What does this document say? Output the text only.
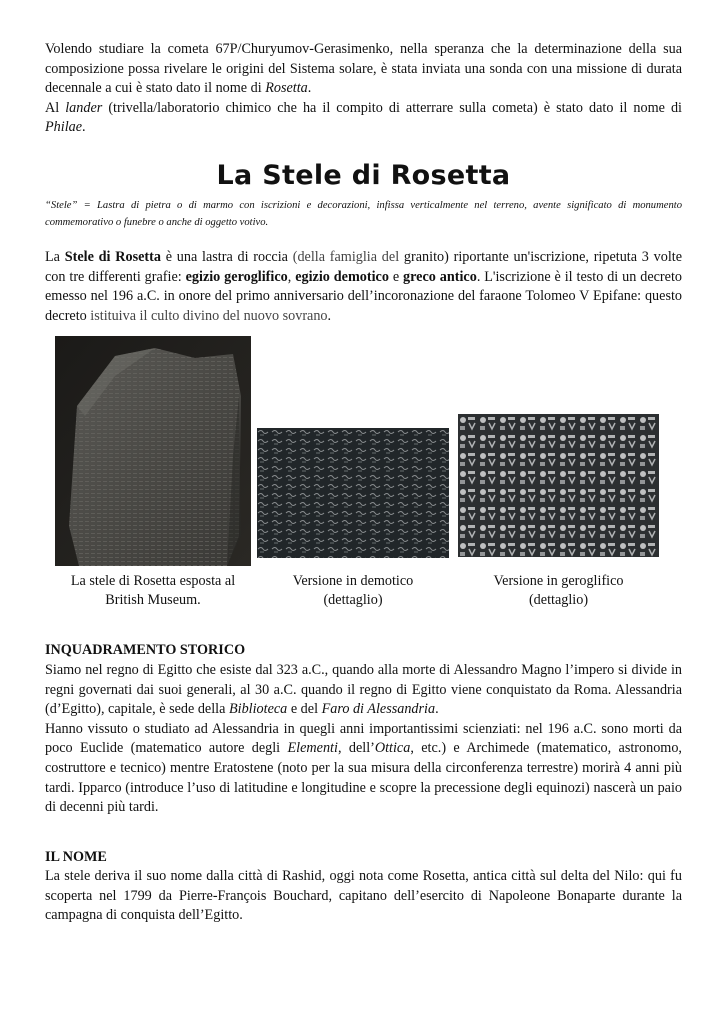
Volendo studiare la cometa 67P/Churyumov-Gerasimenko, nella speranza che la determinazione della sua composizione possa rivelare le origini del Sistema solare, è stata inviata una sonda con una missione di durata decennale a cui è stato dato il nome di Rosetta.

Al lander (trivella/laboratorio chimico che ha il compito di atterrare sulla cometa) è stato dato il nome di Philae.

La Stele di Rosetta

“Stele” = Lastra di pietra o di marmo con iscrizioni e decorazioni, infissa verticalmente nel terreno, avente significato di monumento commemorativo o funebre o anche di oggetto votivo.

La Stele di Rosetta è una lastra di roccia (della famiglia del granito) riportante un'iscrizione, ripetuta 3 volte con tre differenti grafie: egizio geroglifico, egizio demotico e greco antico. L'iscrizione è il testo di un decreto emesso nel 196 a.C. in onore del primo anniversario dell’incoronazione del faraone Tolomeo V Epifane: questo decreto istituiva il culto divino del nuovo sovrano.

La stele di Rosetta esposta al
British Museum.
Versione in demotico
(dettaglio)
Versione in geroglifico
(dettaglio)
INQUADRAMENTO STORICO

Siamo nel regno di Egitto che esiste dal 323 a.C., quando alla morte di Alessandro Magno l’impero si divide in regni governati dai suoi generali, al 30 a.C. quando il regno di Egitto viene conquistato da Roma. Alessandria (d’Egitto), capitale, è sede della Biblioteca e del Faro di Alessandria.

Hanno vissuto o studiato ad Alessandria in quegli anni importantissimi scienziati: nel 196 a.C. sono morti da poco Euclide (matematico autore degli Elementi, dell’Ottica, etc.) e Archimede (matematico, astronomo, costruttore e tecnico) mentre Eratostene (noto per la sua misura della circonferenza terrestre) morirà 4 anni più tardi. Ipparco (introduce l’uso di latitudine e longitudine e scopre la precessione degli equinozi) nascerà un paio di decenni più tardi.

IL NOME

La stele deriva il suo nome dalla città di Rashid, oggi nota come Rosetta, antica città sul delta del Nilo: qui fu scoperta nel 1799 da Pierre-François Bouchard, capitano dell’esercito di Napoleone Bonaparte durante la campagna di conquista dell’Egitto.
